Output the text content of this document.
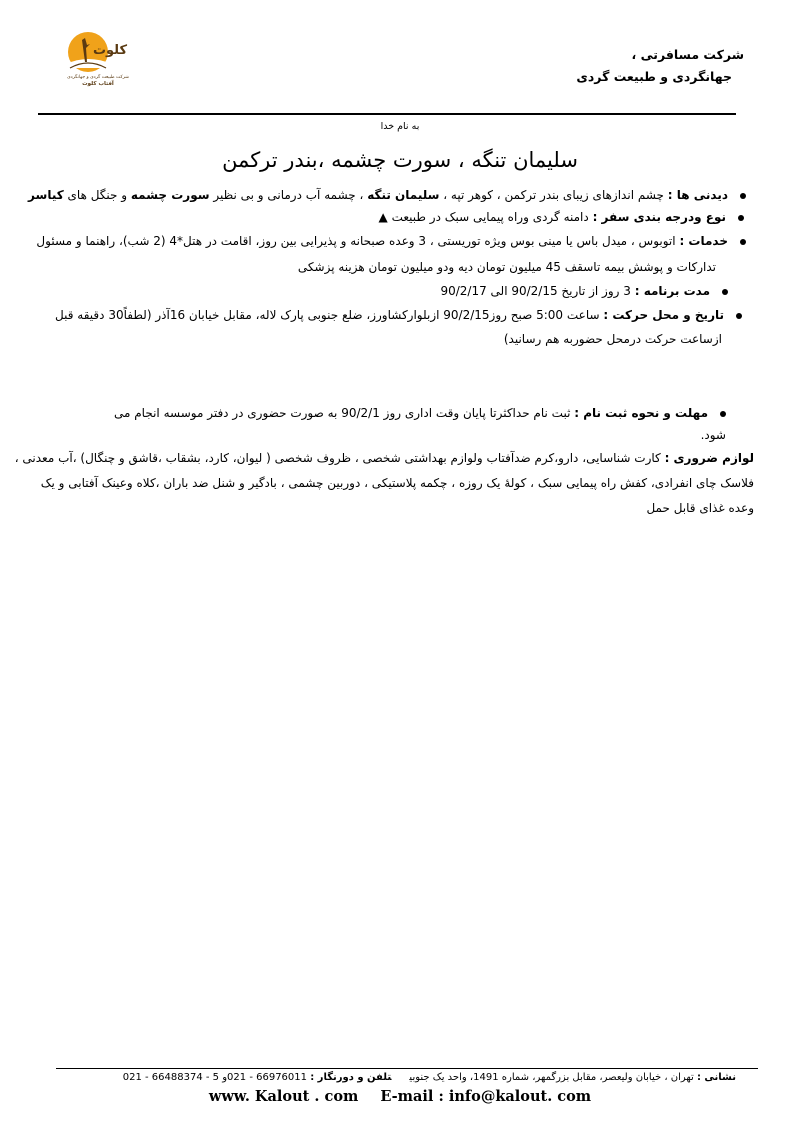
کلوت
شرکت طبیعت گردی و جهانگردی
آفتاب کلوت
شرکت مسافرتی ،
جهانگردی و طبیعت گردی
به نام خدا
سلیمان تنگه ، سورت چشمه ،بندر ترکمن
دیدنی ها : چشم اندازهای زیبای بندر ترکمن ، کوهر تپه ، سلیمان تنگه ، چشمه آب درمانی و بی نظیر سورت چشمه و جنگل های کیاسر
نوع ودرجه بندی سفر : دامنه گردی وراه پیمایی سبک در طبیعت ▲
خدمات : اتوبوس ، میدل باس یا مینی بوس ویژه توریستی ، 3 وعده صبحانه و پذیرایی بین روز، اقامت در هتل*4 (2 شب)، راهنما و مسئول
تدارکات و پوشش بیمه تاسقف 45 میلیون تومان دیه ودو میلیون تومان هزینه پزشکی
مدت برنامه : 3 روز از تاریخ 90/2/15 الی 90/2/17
تاریخ و محل حرکت : ساعت 5:00 صبح روز90/2/15 ازبلوارکشاورز، ضلع جنوبی پارک لاله، مقابل خیابان 16آذر (لطفاً30 دقیقه قبل
ازساعت حرکت درمحل حضوربه هم رسانید)
مهلت و نحوه ثبت نام : ثبت نام حداکثرتا پایان وقت اداری روز 90/2/1 به صورت حضوری در دفتر موسسه انجام می شود.
لوازم ضروری : کارت شناسایی، دارو،کرم ضدآفتاب ولوازم بهداشتی شخصی ، ظروف شخصی ( لیوان، کارد، بشقاب ،قاشق و چنگال) ،آب معدنی ،
فلاسک چای انفرادی، کفش راه پیمایی سبک ، کولهٔ یک روزه ، چکمه پلاستیکی ، دوربین چشمی ، بادگیر و شنل ضد باران ،کلاه وعینک آفتابی و یک
وعده غذای قابل حمل
نشانی : تهران ، خیابان ولیعصر، مقابل بزرگمهر، شماره 1491، واحد یک جنوبیتلفن و دورنگار : 66976011 - 021و 5 - 66488374 - 021
www. Kalout . com E-mail : info@kalout. com
